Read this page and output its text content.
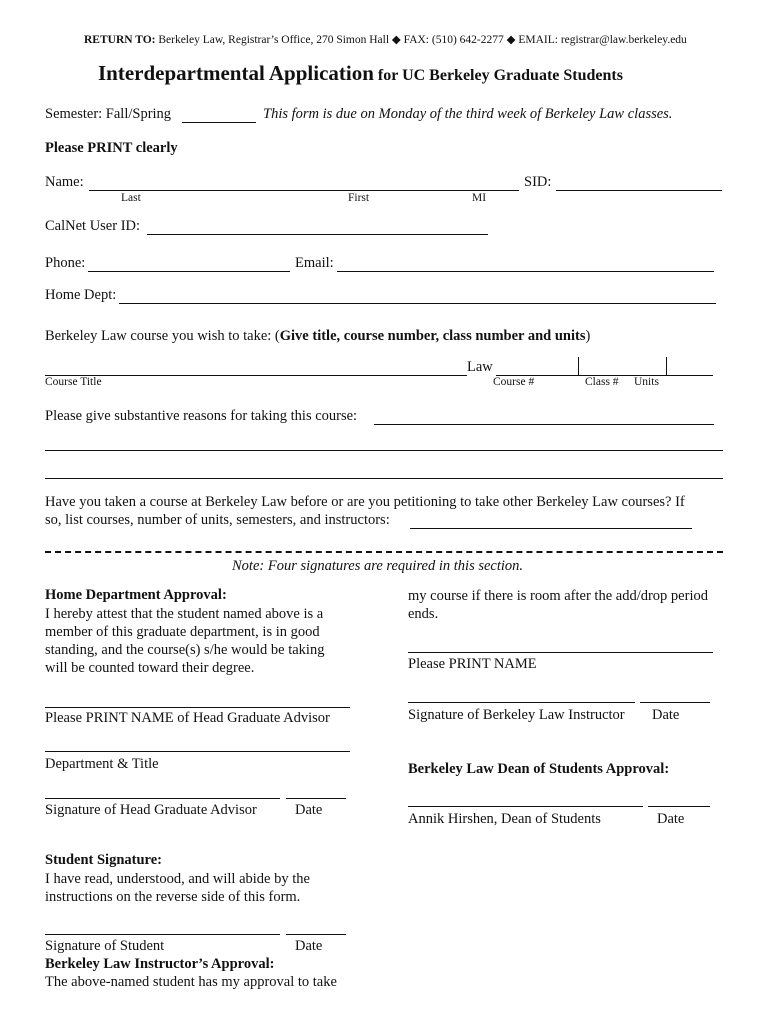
RETURN TO: Berkeley Law, Registrar’s Office, 270 Simon Hall ◆ FAX: (510) 642-2277 ◆ EMAIL: registrar@law.berkeley.edu
Interdepartmental Application for UC Berkeley Graduate Students
Semester: Fall/Spring	This form is due on Monday of the third week of Berkeley Law classes.
Please PRINT clearly
Name:	SID:
Last	First	MI
CalNet User ID:
Phone:	Email:
Home Dept:
Berkeley Law course you wish to take: (Give title, course number, class number and units)
Law
Course Title	Course #	Class # Units
Please give substantive reasons for taking this course:
Have you taken a course at Berkeley Law before or are you petitioning to take other Berkeley Law courses? If
so, list courses, number of units, semesters, and instructors:
Note: Four signatures are required in this section.
Home Department Approval:
I hereby attest that the student named above is a member of this graduate department, is in good standing, and the course(s) s/he would be taking will be counted toward their degree.
Please PRINT NAME of Head Graduate Advisor
Department & Title
Signature of Head Graduate Advisor	Date
Student Signature:
I have read, understood, and will abide by the instructions on the reverse side of this form.
Signature of Student	Date
Berkeley Law Instructor’s Approval:
The above-named student has my approval to take
my course if there is room after the add/drop period ends.
Please PRINT NAME
Signature of Berkeley Law Instructor Date
Berkeley Law Dean of Students Approval:
Annik Hirshen, Dean of Students	Date
